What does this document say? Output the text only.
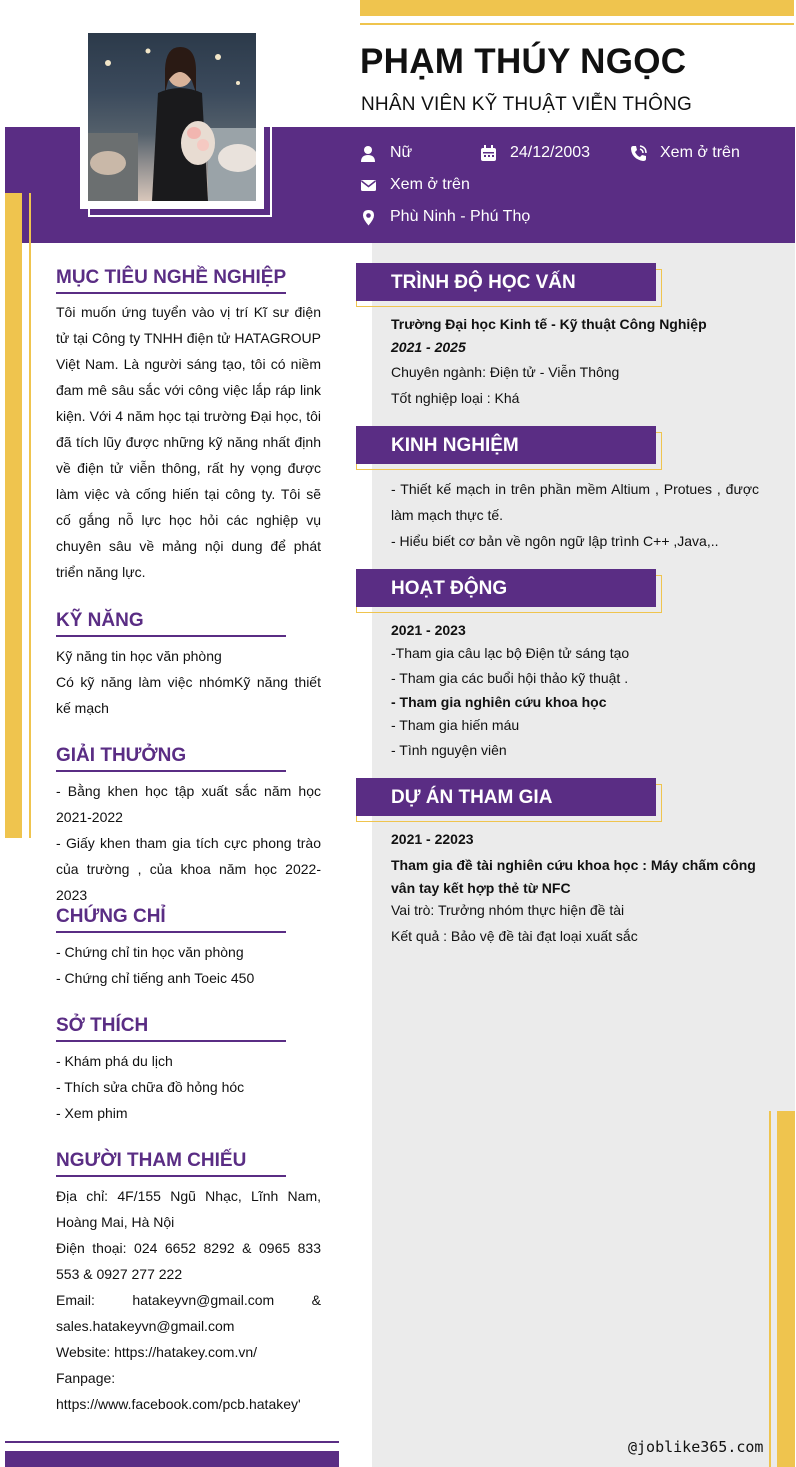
PHẠM THÚY NGỌC
NHÂN VIÊN KỸ THUẬT VIỄN THÔNG
Nữ	24/12/2003	Xem ở trên
Xem ở trên
Phù Ninh - Phú Thọ
MỤC TIÊU NGHỀ NGHIỆP

Tôi muốn ứng tuyển vào vị trí Kĩ sư điện tử tại Công ty TNHH điện tử HATAGROUP Việt Nam. Là người sáng tạo, tôi có niềm đam mê sâu sắc với công việc lắp ráp link kiện. Với 4 năm học tại trường Đại học, tôi đã tích lũy được những kỹ năng nhất định về điện tử viễn thông, rất hy vọng được làm việc và cống hiến tại công ty. Tôi sẽ cố gắng nỗ lực học hỏi các nghiệp vụ chuyên sâu về mảng nội dung để phát triển năng lực.

KỸ NĂNG

Kỹ năng tin học văn phòng

Có kỹ năng làm việc nhómKỹ năng thiết kế mạch

GIẢI THƯỞNG

- Bằng khen học tập xuất sắc năm học 2021-2022

- Giấy khen tham gia tích cực phong trào của trường , của khoa năm học 2022-2023

CHỨNG CHỈ

- Chứng chỉ tin học văn phòng

- Chứng chỉ tiếng anh Toeic 450

SỞ THÍCH

- Khám phá du lịch

- Thích sửa chữa đồ hỏng hóc

- Xem phim

NGƯỜI THAM CHIẾU

Địa chỉ: 4F/155 Ngũ Nhạc, Lĩnh Nam, Hoàng Mai, Hà Nội

Điện thoại: 024 6652 8292 & 0965 833 553 & 0927 277 222

Email: hatakeyvn@gmail.com & sales.hatakeyvn@gmail.com

Website: https://hatakey.com.vn/

Fanpage: https://www.facebook.com/pcb.hatakey'

TRÌNH ĐỘ HỌC VẤN
Trường Đại học Kinh tế - Kỹ thuật Công Nghiệp
2021 - 2025
Chuyên ngành: Điện tử - Viễn Thông
Tốt nghiệp loại : Khá
KINH NGHIỆM

- Thiết kế mạch in trên phần mềm Altium , Protues , được làm mạch thực tế.

- Hiểu biết cơ bản về ngôn ngữ lập trình C++ ,Java,..

HOẠT ĐỘNG
2021 - 2023
-Tham gia câu lạc bộ Điện tử sáng tạo
- Tham gia các buổi hội thảo kỹ thuật .
- Tham gia nghiên cứu khoa học
- Tham gia hiến máu
- Tình nguyện viên
DỰ ÁN THAM GIA
2021 - 22023
Tham gia đề tài nghiên cứu khoa học : Máy chấm công vân tay kết hợp thẻ từ NFC
Vai trò: Trưởng nhóm thực hiện đề tài
Kết quả : Bảo vệ đề tài đạt loại xuất sắc
@joblike365.com
